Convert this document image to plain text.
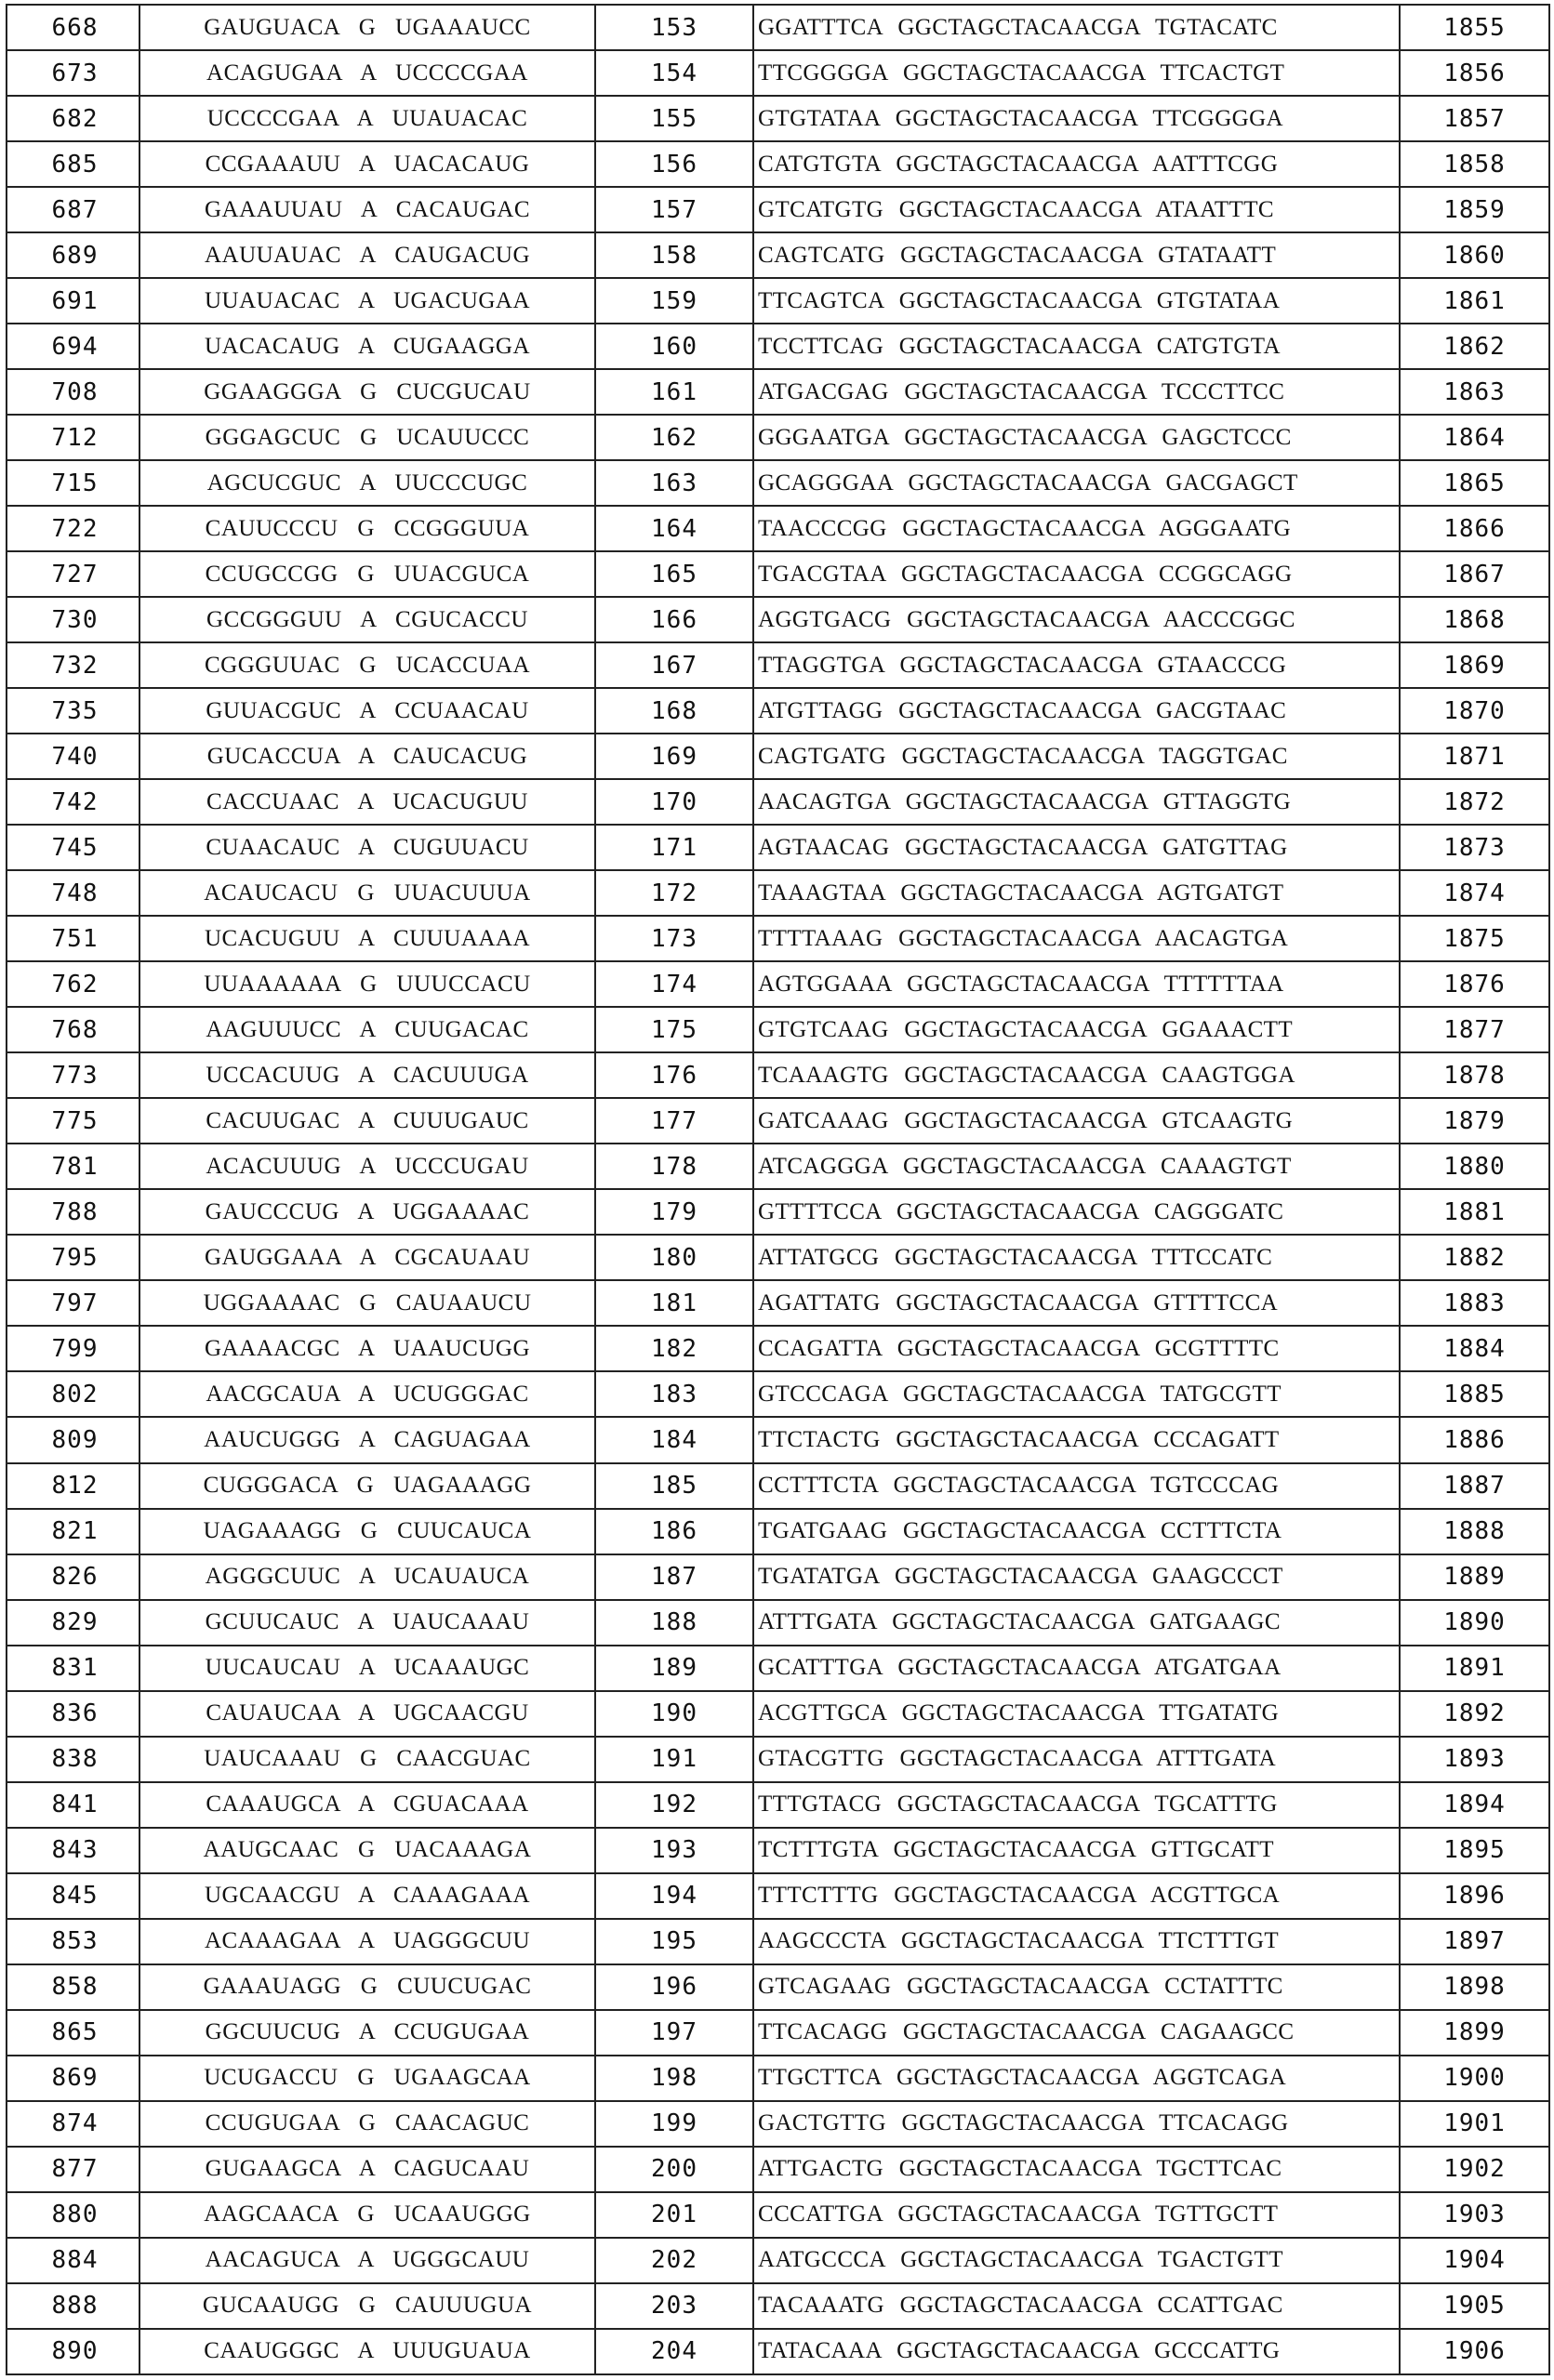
668	GAUGUACA G UGAAAUCC	153	GGATTTCA GGCTAGCTACAACGA TGTACATC	1855
673	ACAGUGAA A UCCCCGAA	154	TTCGGGGA GGCTAGCTACAACGA TTCACTGT	1856
682	UCCCCGAA A UUAUACAC	155	GTGTATAA GGCTAGCTACAACGA TTCGGGGA	1857
685	CCGAAAUU A UACACAUG	156	CATGTGTA GGCTAGCTACAACGA AATTTCGG	1858
687	GAAAUUAU A CACAUGAC	157	GTCATGTG GGCTAGCTACAACGA ATAATTTC	1859
689	AAUUAUAC A CAUGACUG	158	CAGTCATG GGCTAGCTACAACGA GTATAATT	1860
691	UUAUACAC A UGACUGAA	159	TTCAGTCA GGCTAGCTACAACGA GTGTATAA	1861
694	UACACAUG A CUGAAGGA	160	TCCTTCAG GGCTAGCTACAACGA CATGTGTA	1862
708	GGAAGGGA G CUCGUCAU	161	ATGACGAG GGCTAGCTACAACGA TCCCTTCC	1863
712	GGGAGCUC G UCAUUCCC	162	GGGAATGA GGCTAGCTACAACGA GAGCTCCC	1864
715	AGCUCGUC A UUCCCUGC	163	GCAGGGAA GGCTAGCTACAACGA GACGAGCT	1865
722	CAUUCCCU G CCGGGUUA	164	TAACCCGG GGCTAGCTACAACGA AGGGAATG	1866
727	CCUGCCGG G UUACGUCA	165	TGACGTAA GGCTAGCTACAACGA CCGGCAGG	1867
730	GCCGGGUU A CGUCACCU	166	AGGTGACG GGCTAGCTACAACGA AACCCGGC	1868
732	CGGGUUAC G UCACCUAA	167	TTAGGTGA GGCTAGCTACAACGA GTAACCCG	1869
735	GUUACGUC A CCUAACAU	168	ATGTTAGG GGCTAGCTACAACGA GACGTAAC	1870
740	GUCACCUA A CAUCACUG	169	CAGTGATG GGCTAGCTACAACGA TAGGTGAC	1871
742	CACCUAAC A UCACUGUU	170	AACAGTGA GGCTAGCTACAACGA GTTAGGTG	1872
745	CUAACAUC A CUGUUACU	171	AGTAACAG GGCTAGCTACAACGA GATGTTAG	1873
748	ACAUCACU G UUACUUUA	172	TAAAGTAA GGCTAGCTACAACGA AGTGATGT	1874
751	UCACUGUU A CUUUAAAA	173	TTTTAAAG GGCTAGCTACAACGA AACAGTGA	1875
762	UUAAAAAA G UUUCCACU	174	AGTGGAAA GGCTAGCTACAACGA TTTTTTAA	1876
768	AAGUUUCC A CUUGACAC	175	GTGTCAAG GGCTAGCTACAACGA GGAAACTT	1877
773	UCCACUUG A CACUUUGA	176	TCAAAGTG GGCTAGCTACAACGA CAAGTGGA	1878
775	CACUUGAC A CUUUGAUC	177	GATCAAAG GGCTAGCTACAACGA GTCAAGTG	1879
781	ACACUUUG A UCCCUGAU	178	ATCAGGGA GGCTAGCTACAACGA CAAAGTGT	1880
788	GAUCCCUG A UGGAAAAC	179	GTTTTCCA GGCTAGCTACAACGA CAGGGATC	1881
795	GAUGGAAA A CGCAUAAU	180	ATTATGCG GGCTAGCTACAACGA TTTCCATC	1882
797	UGGAAAAC G CAUAAUCU	181	AGATTATG GGCTAGCTACAACGA GTTTTCCA	1883
799	GAAAACGC A UAAUCUGG	182	CCAGATTA GGCTAGCTACAACGA GCGTTTTC	1884
802	AACGCAUA A UCUGGGAC	183	GTCCCAGA GGCTAGCTACAACGA TATGCGTT	1885
809	AAUCUGGG A CAGUAGAA	184	TTCTACTG GGCTAGCTACAACGA CCCAGATT	1886
812	CUGGGACA G UAGAAAGG	185	CCTTTCTA GGCTAGCTACAACGA TGTCCCAG	1887
821	UAGAAAGG G CUUCAUCA	186	TGATGAAG GGCTAGCTACAACGA CCTTTCTA	1888
826	AGGGCUUC A UCAUAUCA	187	TGATATGA GGCTAGCTACAACGA GAAGCCCT	1889
829	GCUUCAUC A UAUCAAAU	188	ATTTGATA GGCTAGCTACAACGA GATGAAGC	1890
831	UUCAUCAU A UCAAAUGC	189	GCATTTGA GGCTAGCTACAACGA ATGATGAA	1891
836	CAUAUCAA A UGCAACGU	190	ACGTTGCA GGCTAGCTACAACGA TTGATATG	1892
838	UAUCAAAU G CAACGUAC	191	GTACGTTG GGCTAGCTACAACGA ATTTGATA	1893
841	CAAAUGCA A CGUACAAA	192	TTTGTACG GGCTAGCTACAACGA TGCATTTG	1894
843	AAUGCAAC G UACAAAGA	193	TCTTTGTA GGCTAGCTACAACGA GTTGCATT	1895
845	UGCAACGU A CAAAGAAA	194	TTTCTTTG GGCTAGCTACAACGA ACGTTGCA	1896
853	ACAAAGAA A UAGGGCUU	195	AAGCCCTA GGCTAGCTACAACGA TTCTTTGT	1897
858	GAAAUAGG G CUUCUGAC	196	GTCAGAAG GGCTAGCTACAACGA CCTATTTC	1898
865	GGCUUCUG A CCUGUGAA	197	TTCACAGG GGCTAGCTACAACGA CAGAAGCC	1899
869	UCUGACCU G UGAAGCAA	198	TTGCTTCA GGCTAGCTACAACGA AGGTCAGA	1900
874	CCUGUGAA G CAACAGUC	199	GACTGTTG GGCTAGCTACAACGA TTCACAGG	1901
877	GUGAAGCA A CAGUCAAU	200	ATTGACTG GGCTAGCTACAACGA TGCTTCAC	1902
880	AAGCAACA G UCAAUGGG	201	CCCATTGA GGCTAGCTACAACGA TGTTGCTT	1903
884	AACAGUCA A UGGGCAUU	202	AATGCCCA GGCTAGCTACAACGA TGACTGTT	1904
888	GUCAAUGG G CAUUUGUA	203	TACAAATG GGCTAGCTACAACGA CCATTGAC	1905
890	CAAUGGGC A UUUGUAUA	204	TATACAAA GGCTAGCTACAACGA GCCCATTG	1906
